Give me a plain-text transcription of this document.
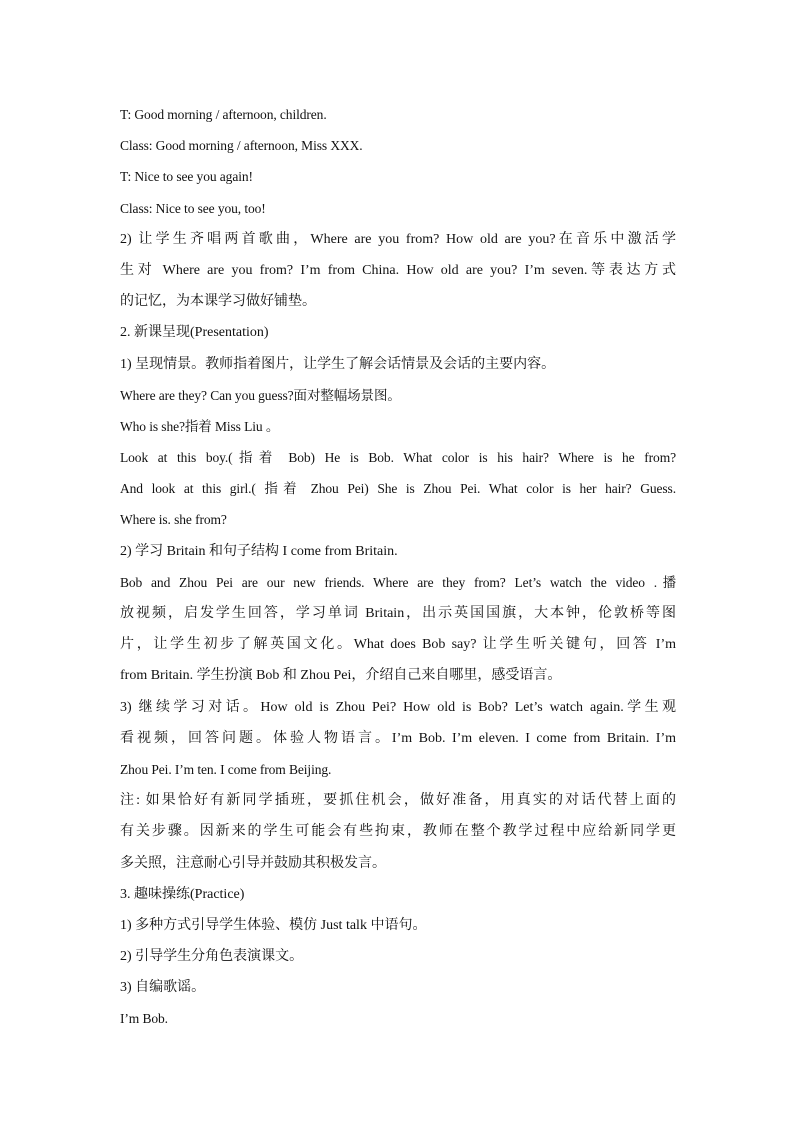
T: Good morning / afternoon, children.
Class: Good morning / afternoon, Miss XXX.
T: Nice to see you again!
Class: Nice to see you, too!
2) 让学生齐唱两首歌曲，Where are you from? How old are you?在音乐中激活学
生对 Where are you from? I’m from China. How old are you? I’m seven.等表达方式
的记忆，为本课学习做好铺垫。
2. 新课呈现(Presentation)
1) 呈现情景。教师指着图片，让学生了解会话情景及会话的主要内容。
Where are they? Can you guess?面对整幅场景图。
Who is she?指着 Miss Liu 。
Look at this boy.(指着 Bob) He is Bob. What color is his hair? Where is he from?
And look at this girl.( 指着 Zhou Pei) She is Zhou Pei. What color is her hair? Guess.
Where is. she from?
2) 学习 Britain 和句子结构 I come from Britain.
Bob and Zhou Pei are our new friends. Where are they from? Let’s watch the video .播
放视频，启发学生回答，学习单词 Britain，出示英国国旗，大本钟，伦敦桥等图
片，让学生初步了解英国文化。What does Bob say? 让学生听关键句，回答 I’m
from Britain. 学生扮演 Bob 和 Zhou Pei，介绍自己来自哪里，感受语言。
3) 继续学习对话。How old is Zhou Pei? How old is Bob? Let’s watch again.学生观
看视频，回答问题。体验人物语言。I’m Bob. I’m eleven. I come from Britain. I’m
Zhou Pei. I’m ten. I come from Beijing.
注: 如果恰好有新同学插班，要抓住机会，做好准备，用真实的对话代替上面的
有关步骤。因新来的学生可能会有些拘束，教师在整个教学过程中应给新同学更
多关照，注意耐心引导并鼓励其积极发言。
3. 趣味操练(Practice)
1) 多种方式引导学生体验、模仿 Just talk 中语句。
2) 引导学生分角色表演课文。
3) 自编歌谣。
I’m Bob.
